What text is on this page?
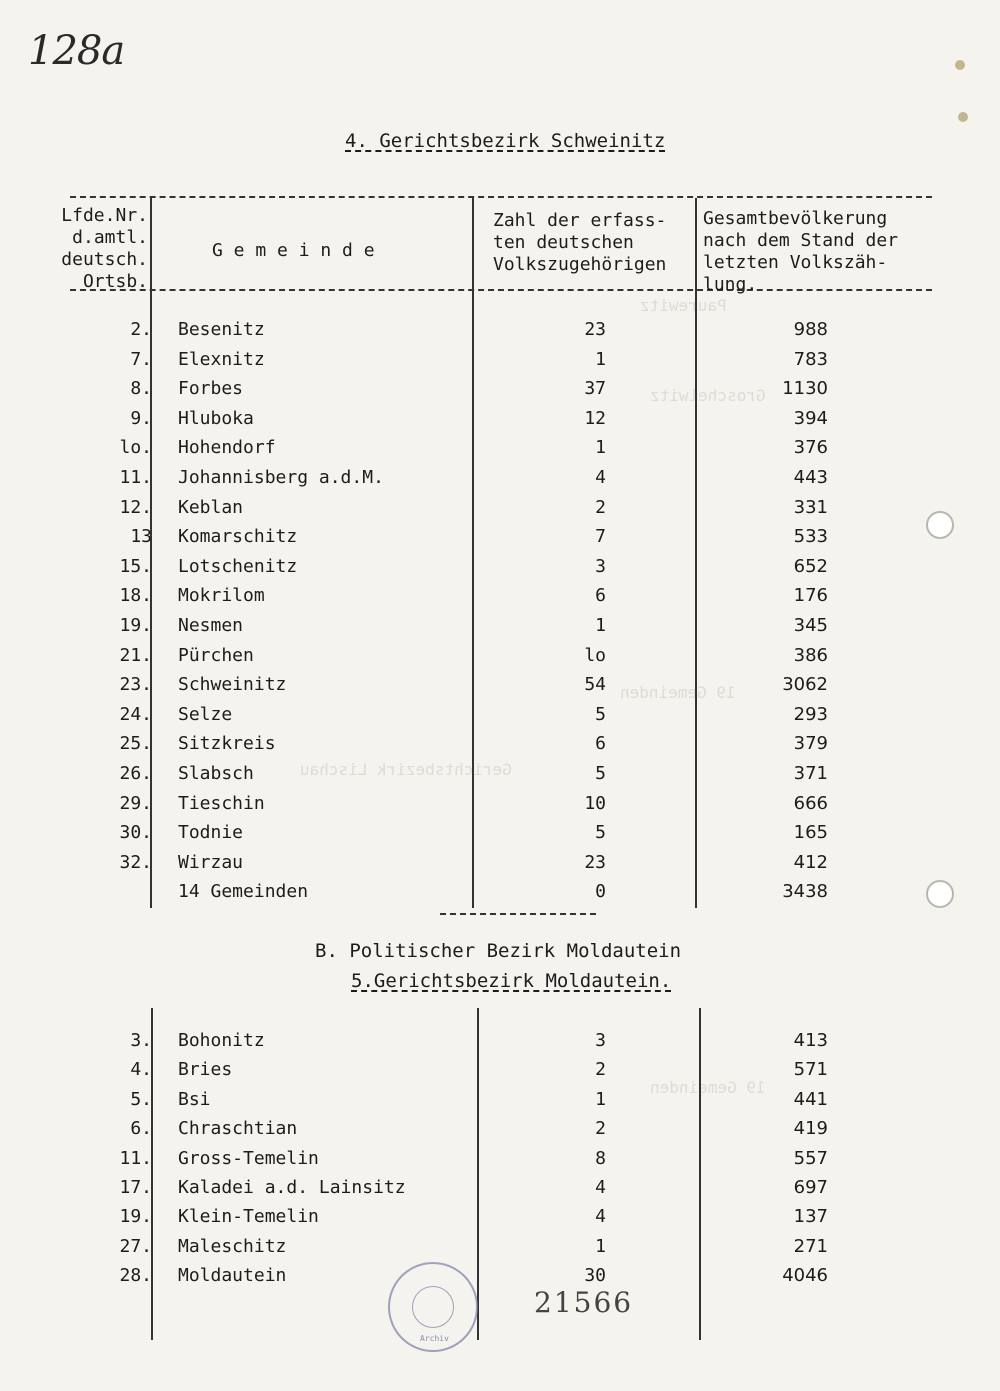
Paurewitz
Groschelwitz
19 Gemeinden
Gerichtsbezirk Lischau
19 Gemeinden
128a
4. Gerichtsbezirk Schweinitz
Lfde.Nr.
d.amtl.
deutsch.
Ortsb.
G e m e i n d e
Zahl der erfass-
ten deutschen
Volkszugehörigen
Gesamtbevölkerung
nach dem Stand der
letzten Volkszäh-
lung.
2. Besenitz	23	988
7. Elexnitz	1	783
8. Forbes	37	1130
9. Hluboka	12	394
lo. Hohendorf	1	376
11. Johannisberg a.d.M.	4	443
12. Keblan	2	331
13 Komarschitz	7	533
15. Lotschenitz	3	652
18. Mokrilom	6	176
19. Nesmen	1	345
21. Pürchen	lo	386
23. Schweinitz	54	3062
24. Selze	5	293
25. Sitzkreis	6	379
26. Slabsch	5	371
29. Tieschin	10	666
30. Todnie	5	165
32. Wirzau	23	412
14 Gemeinden	0	3438
B. Politischer Bezirk Moldautein
5.Gerichtsbezirk Moldautein.
3. Bohonitz	3	413
4. Bries	2	571
5. Bsi	1	441
6. Chraschtian	2	419
11. Gross-Temelin	8	557
17. Kaladei a.d. Lainsitz	4	697
19. Klein-Temelin	4	137
27. Maleschitz	1	271
28. Moldautein	30	4046
Archiv
21566
